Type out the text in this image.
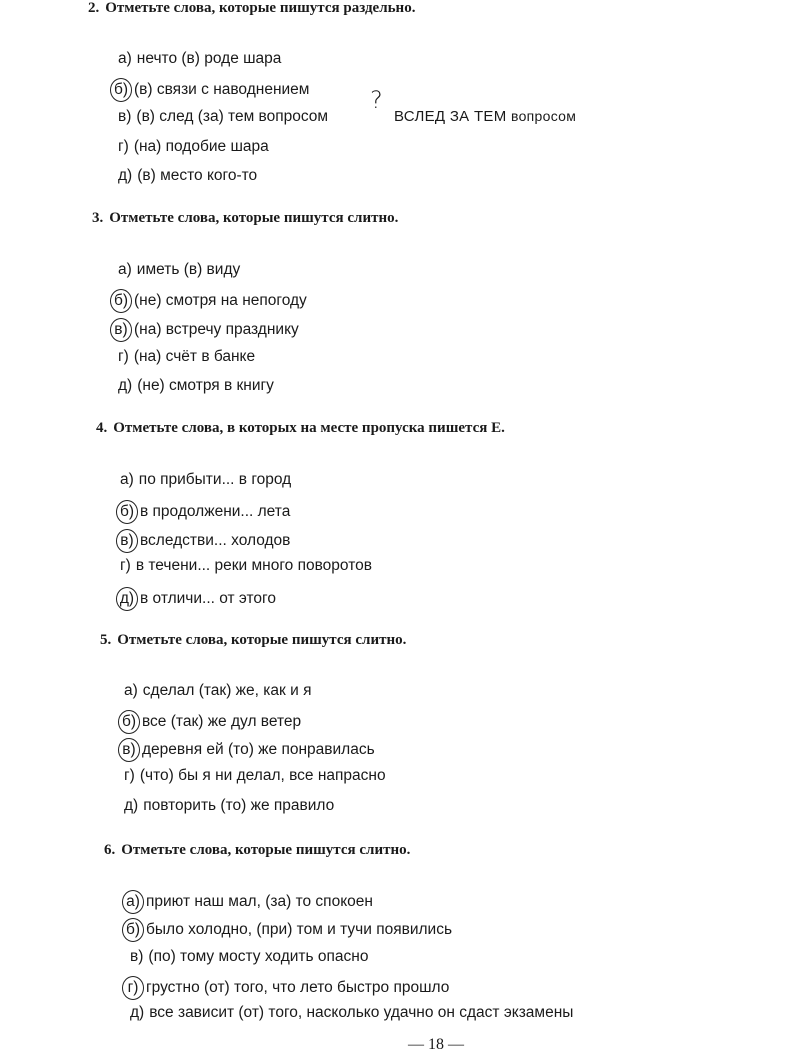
2. Отметьте слова, которые пишутся раздельно.
а) нечто (в) роде шара
б) (в) связи с наводнением
в) (в) след (за) тем вопросом
г) (на) подобие шара
д) (в) место кого-то
?
ВСЛЕД ЗА ТЕМ вопросом
3. Отметьте слова, которые пишутся слитно.
а) иметь (в) виду
б) (не) смотря на непогоду
в) (на) встречу празднику
г) (на) счёт в банке
д) (не) смотря в книгу
4. Отметьте слова, в которых на месте пропуска пишется Е.
а) по прибыти... в город
б) в продолжени... лета
в) вследстви... холодов
г) в течени... реки много поворотов
д) в отличи... от этого
5. Отметьте слова, которые пишутся слитно.
а) сделал (так) же, как и я
б) все (так) же дул ветер
в) деревня ей (то) же понравилась
г) (что) бы я ни делал, все напрасно
д) повторить (то) же правило
6. Отметьте слова, которые пишутся слитно.
а) приют наш мал, (за) то спокоен
б) было холодно, (при) том и тучи появились
в) (по) тому мосту ходить опасно
г) грустно (от) того, что лето быстро прошло
д) все зависит (от) того, насколько удачно он сдаст экзамены
— 18 —
